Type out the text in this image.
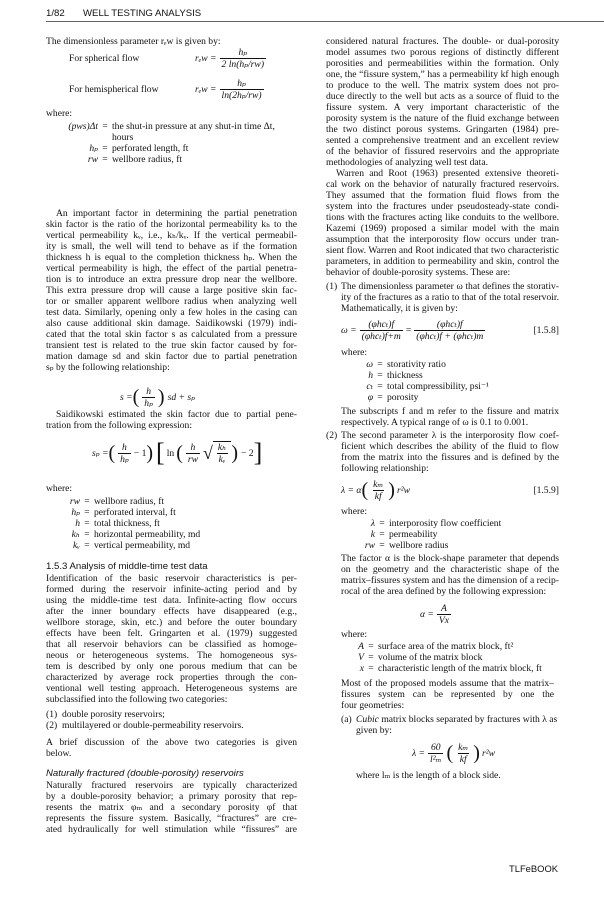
1/82 WELL TESTING ANALYSIS
The dimensionless parameter rₑw is given by:
For spherical flow	$r_ew = \frac{\text{hₚ}}{\text{2 ln(hₚ/rw)}}$
For hemispherical flow	$r_ew = \frac{\text{hₚ}}{\text{ln(2hₚ/rw)}}$
where:
(pws)Δt = the shut-in pressure at any shut-in time Δt,
hours
hₚ = perforated length, ft
rw = wellbore radius, ft
An important factor in determining the partial penetration
skin factor is the ratio of the horizontal permeability kₕ to the
vertical permeability kᵥ, i.e., kₕ/kᵥ. If the vertical permeabil-
ity is small, the well will tend to behave as if the formation
thickness h is equal to the completion thickness hₚ. When the
vertical permeability is high, the effect of the partial penetra-
tion is to introduce an extra pressure drop near the wellbore.
This extra pressure drop will cause a large positive skin fac-
tor or smaller apparent wellbore radius when analyzing well
test data. Similarly, opening only a few holes in the casing can
also cause additional skin damage. Saidikowski (1979) indi-
cated that the total skin factor s as calculated from a pressure
transient test is related to the true skin factor caused by for-
mation damage sd and skin factor due to partial penetration
sₚ by the following relationship:
s = ( $\frac{h}{\text{hₚ}}$ ) sd + sₚ
Saidikowski estimated the skin factor due to partial pene-
tration from the following expression:
sₚ = ( $\frac{h}{\text{hₚ}} - 1$ ) [ ln ( $\frac{h}{rw}$ √ $\frac{\text{kₕ}}{\text{kᵥ}}$ ) − 2 ]
where:
rw = wellbore radius, ft
hₚ = perforated interval, ft
h = total thickness, ft
kₕ = horizontal permeability, md
kᵥ = vertical permeability, md
1.5.3 Analysis of middle-time test data
Identification of the basic reservoir characteristics is per-
formed during the reservoir infinite-acting period and by
using the middle-time test data. Infinite-acting flow occurs
after the inner boundary effects have disappeared (e.g.,
wellbore storage, skin, etc.) and before the outer boundary
effects have been felt. Gringarten et al. (1979) suggested
that all reservoir behaviors can be classified as homoge-
neous or heterogeneous systems. The homogeneous sys-
tem is described by only one porous medium that can be
characterized by average rock properties through the con-
ventional well testing approach. Heterogeneous systems are
subclassified into the following two categories:
(1) double porosity reservoirs;
(2) multilayered or double-permeability reservoirs.
A brief discussion of the above two categories is given
below.
Naturally fractured (double-porosity) reservoirs
Naturally fractured reservoirs are typically characterized
by a double-porosity behavior; a primary porosity that rep-
resents the matrix φₘ and a secondary porosity φf that
represents the fissure system. Basically, “fractures” are cre-
ated hydraulically for well stimulation while “fissures” are
considered natural fractures. The double- or dual-porosity
model assumes two porous regions of distinctly different
porosities and permeabilities within the formation. Only
one, the “fissure system,” has a permeability kf high enough
to produce to the well. The matrix system does not pro-
duce directly to the well but acts as a source of fluid to the
fissure system. A very important characteristic of the
porosity system is the nature of the fluid exchange between
the two distinct porous systems. Gringarten (1984) pre-
sented a comprehensive treatment and an excellent review
of the behavior of fissured reservoirs and the appropriate
methodologies of analyzing well test data.
Warren and Root (1963) presented extensive theoreti-
cal work on the behavior of naturally fractured reservoirs.
They assumed that the formation fluid flows from the
system into the fractures under pseudosteady-state condi-
tions with the fractures acting like conduits to the wellbore.
Kazemi (1969) proposed a similar model with the main
assumption that the interporosity flow occurs under tran-
sient flow. Warren and Root indicated that two characteristic
parameters, in addition to permeability and skin, control the
behavior of double-porosity systems. These are:
(1) The dimensionless parameter ω that defines the storativ-
ity of the fractures as a ratio to that of the total reservoir.
Mathematically, it is given by:
$\omega = \frac{\text{(φhcₜ)f}}{\text{(φhcₜ)f+m}} = \frac{\text{(φhcₜ)f}}{\text{(φhcₜ)f + (φhcₜ)m}}$	[1.5.8]
where:
ω = storativity ratio
h = thickness
cₜ = total compressibility, psi⁻¹
φ = porosity
The subscripts f and m refer to the fissure and matrix
respectively. A typical range of ω is 0.1 to 0.001.
(2) The second parameter λ is the interporosity flow coef-
ficient which describes the ability of the fluid to flow
from the matrix into the fissures and is defined by the
following relationship:
λ = α ( $\frac{\text{kₘ}}{kf}$ ) r²w	[1.5.9]
where:
λ = interporosity flow coefficient
k = permeability
rw = wellbore radius
The factor α is the block-shape parameter that depends
on the geometry and the characteristic shape of the
matrix–fissures system and has the dimension of a recip-
rocal of the area defined by the following expression:
$\alpha = \frac{A}{Vx}$
where:
A = surface area of the matrix block, ft²
V = volume of the matrix block
x = characteristic length of the matrix block, ft
Most of the proposed models assume that the matrix–
fissures system can be represented by one the
four geometries:
(a) Cubic matrix blocks separated by fractures with λ as
given by:
$\lambda = \frac{60}{\text{l²ₘ}}$ ( $\frac{\text{kₘ}}{kf}$ ) r²w
where lₘ is the length of a block side.
TLFeBOOK
